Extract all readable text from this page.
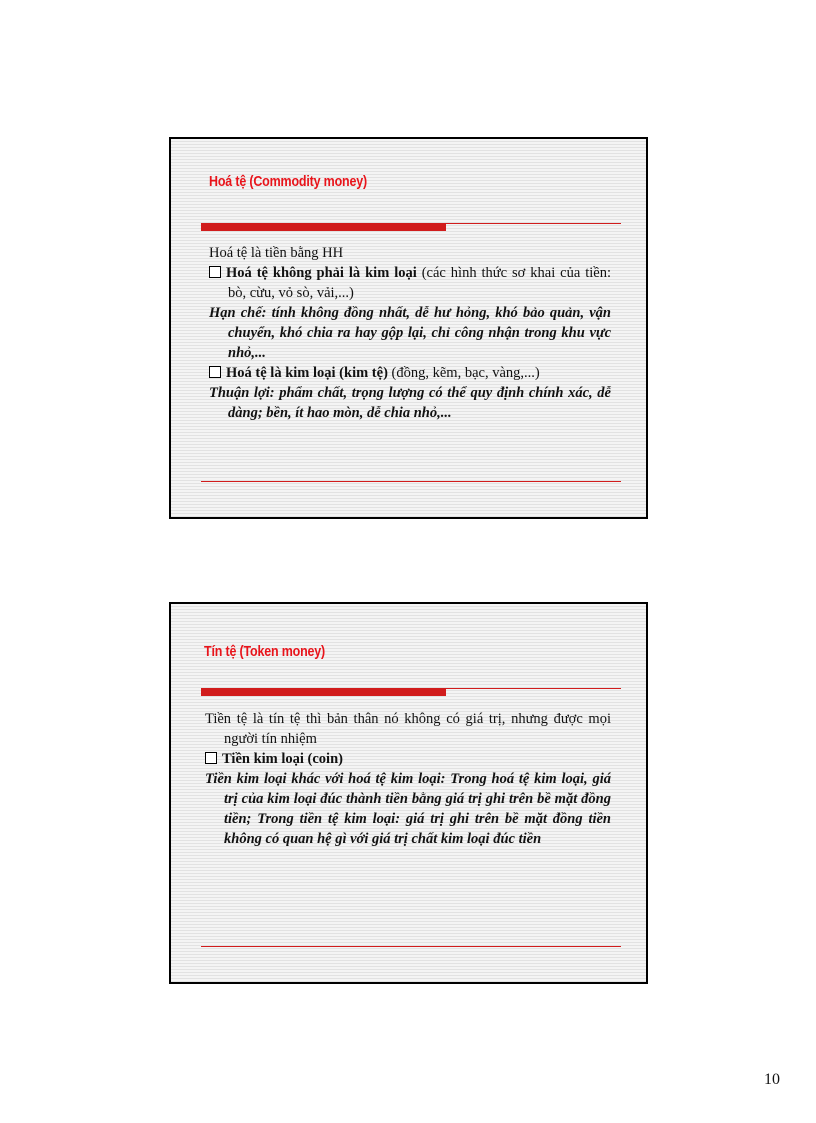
Hoá tệ (Commodity money)

Hoá tệ là tiền bằng HH

Hoá tệ không phải là kim loại (các hình thức sơ khai của tiền: bò, cừu, vỏ sò, vải,...)

Hạn chế: tính không đồng nhất, dễ hư hỏng, khó bảo quản, vận chuyển, khó chia ra hay gộp lại, chỉ công nhận trong khu vực nhỏ,...

Hoá tệ là kim loại (kim tệ) (đồng, kẽm, bạc, vàng,...)

Thuận lợi: phẩm chất, trọng lượng có thể quy định chính xác, dễ dàng; bền, ít hao mòn, dễ chia nhỏ,...

Tín tệ (Token money)

Tiền tệ là tín tệ thì bản thân nó không có giá trị, nhưng được mọi người tín nhiệm

Tiền kim loại (coin)

Tiền kim loại khác với hoá tệ kim loại: Trong hoá tệ kim loại, giá trị của kim loại đúc thành tiền bằng giá trị ghi trên bề mặt đồng tiền; Trong tiền tệ kim loại: giá trị ghi trên bề mặt đồng tiền không có quan hệ gì với giá trị chất kim loại đúc tiền

10
